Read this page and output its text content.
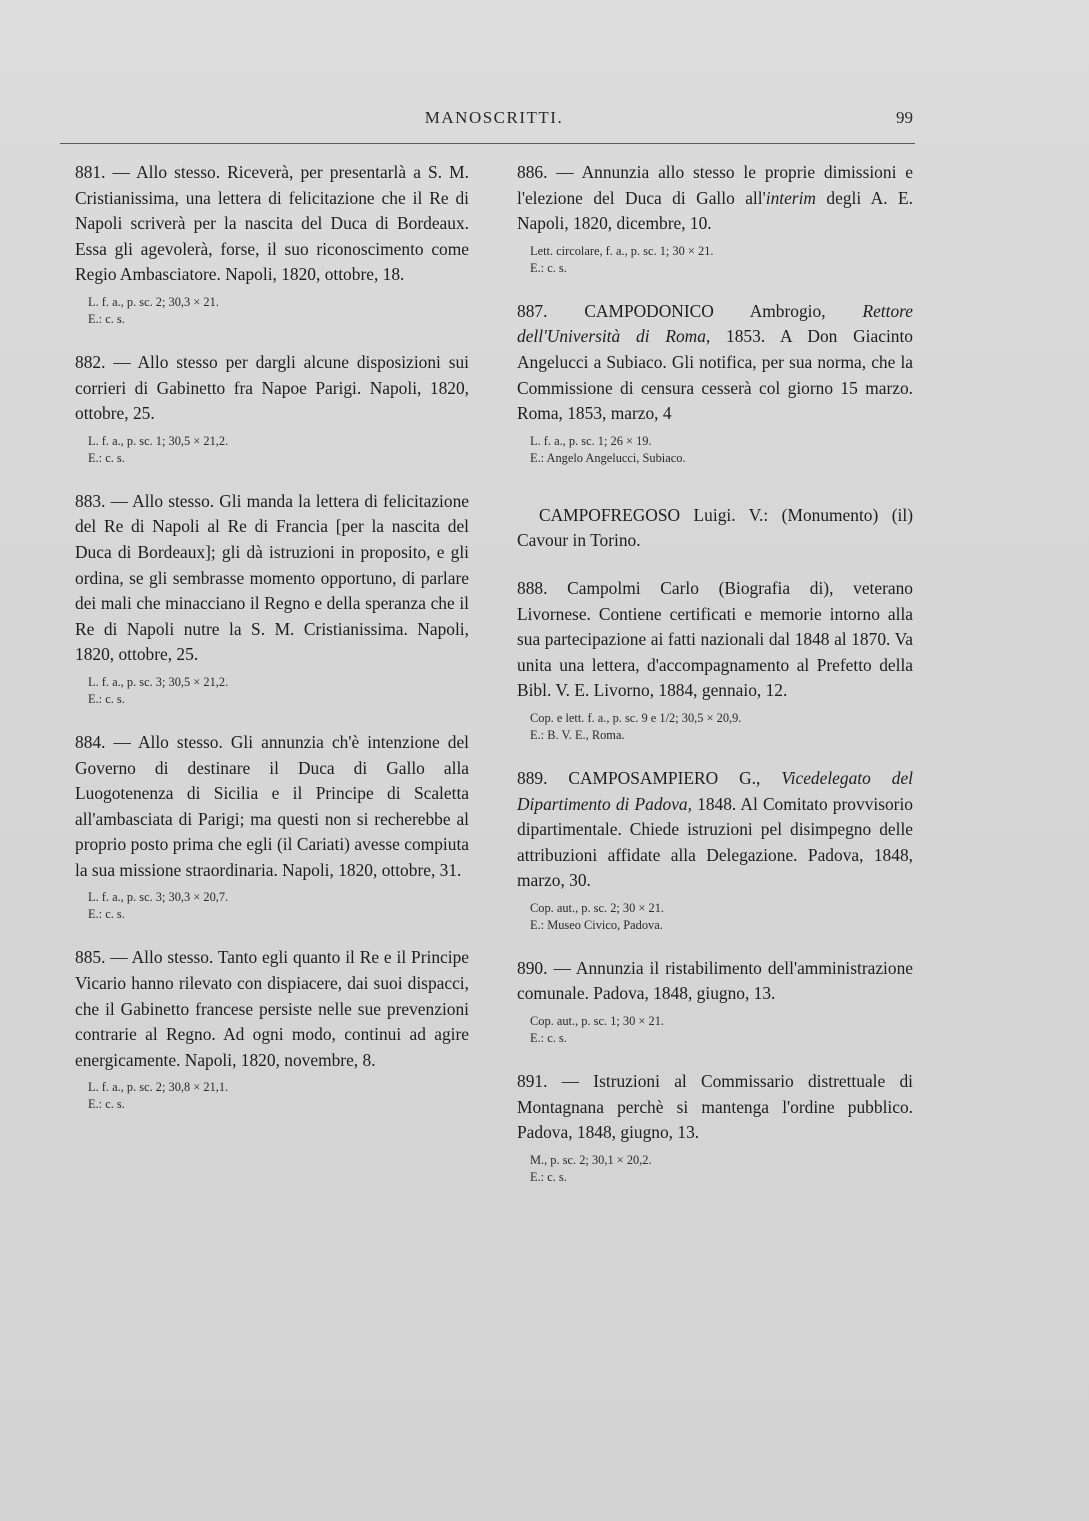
MANOSCRITTI.	99

881. — Allo stesso. Riceverà, per presentarlà a S. M. Cristianissima, una lettera di felicitazione che il Re di Napoli scriverà per la nascita del Duca di Bordeaux. Essa gli agevolerà, forse, il suo riconoscimento come Regio Ambasciatore. Napoli, 1820, ottobre, 18.

L. f. a., p. sc. 2; 30,3 × 21.
E.: c. s.

882. — Allo stesso per dargli alcune disposizioni sui corrieri di Gabinetto fra Napoe Parigi. Napoli, 1820, ottobre, 25.

L. f. a., p. sc. 1; 30,5 × 21,2.
E.: c. s.

883. — Allo stesso. Gli manda la lettera di felicitazione del Re di Napoli al Re di Francia [per la nascita del Duca di Bordeaux]; gli dà istruzioni in proposito, e gli ordina, se gli sembrasse momento opportuno, di parlare dei mali che minacciano il Regno e della speranza che il Re di Napoli nutre la S. M. Cristianissima. Napoli, 1820, ottobre, 25.

L. f. a., p. sc. 3; 30,5 × 21,2.
E.: c. s.

884. — Allo stesso. Gli annunzia ch'è intenzione del Governo di destinare il Duca di Gallo alla Luogotenenza di Sicilia e il Principe di Scaletta all'ambasciata di Parigi; ma questi non si recherebbe al proprio posto prima che egli (il Cariati) avesse compiuta la sua missione straordinaria. Napoli, 1820, ottobre, 31.

L. f. a., p. sc. 3; 30,3 × 20,7.
E.: c. s.

885. — Allo stesso. Tanto egli quanto il Re e il Principe Vicario hanno rilevato con dispiacere, dai suoi dispacci, che il Gabinetto francese persiste nelle sue prevenzioni contrarie al Regno. Ad ogni modo, continui ad agire energicamente. Napoli, 1820, novembre, 8.

L. f. a., p. sc. 2; 30,8 × 21,1.
E.: c. s.

886. — Annunzia allo stesso le proprie dimissioni e l'elezione del Duca di Gallo all'interim degli A. E. Napoli, 1820, dicembre, 10.

Lett. circolare, f. a., p. sc. 1; 30 × 21.
E.: c. s.

887. CAMPODONICO Ambrogio, Rettore dell'Università di Roma, 1853. A Don Giacinto Angelucci a Subiaco. Gli notifica, per sua norma, che la Commissione di censura cesserà col giorno 15 marzo. Roma, 1853, marzo, 4

L. f. a., p. sc. 1; 26 × 19.
E.: Angelo Angelucci, Subiaco.

CAMPOFREGOSO Luigi. V.: (Monumento) (il) Cavour in Torino.

888. Campolmi Carlo (Biografia di), veterano Livornese. Contiene certificati e memorie intorno alla sua partecipazione ai fatti nazionali dal 1848 al 1870. Va unita una lettera, d'accompagnamento al Prefetto della Bibl. V. E. Livorno, 1884, gennaio, 12.

Cop. e lett. f. a., p. sc. 9 e 1/2; 30,5 × 20,9.
E.: B. V. E., Roma.

889. CAMPOSAMPIERO G., Vicedelegato del Dipartimento di Padova, 1848. Al Comitato provvisorio dipartimentale. Chiede istruzioni pel disimpegno delle attribuzioni affidate alla Delegazione. Padova, 1848, marzo, 30.

Cop. aut., p. sc. 2; 30 × 21.
E.: Museo Civico, Padova.

890. — Annunzia il ristabilimento dell'amministrazione comunale. Padova, 1848, giugno, 13.

Cop. aut., p. sc. 1; 30 × 21.
E.: c. s.

891. — Istruzioni al Commissario distrettuale di Montagnana perchè si mantenga l'ordine pubblico. Padova, 1848, giugno, 13.

M., p. sc. 2; 30,1 × 20,2.
E.: c. s.
